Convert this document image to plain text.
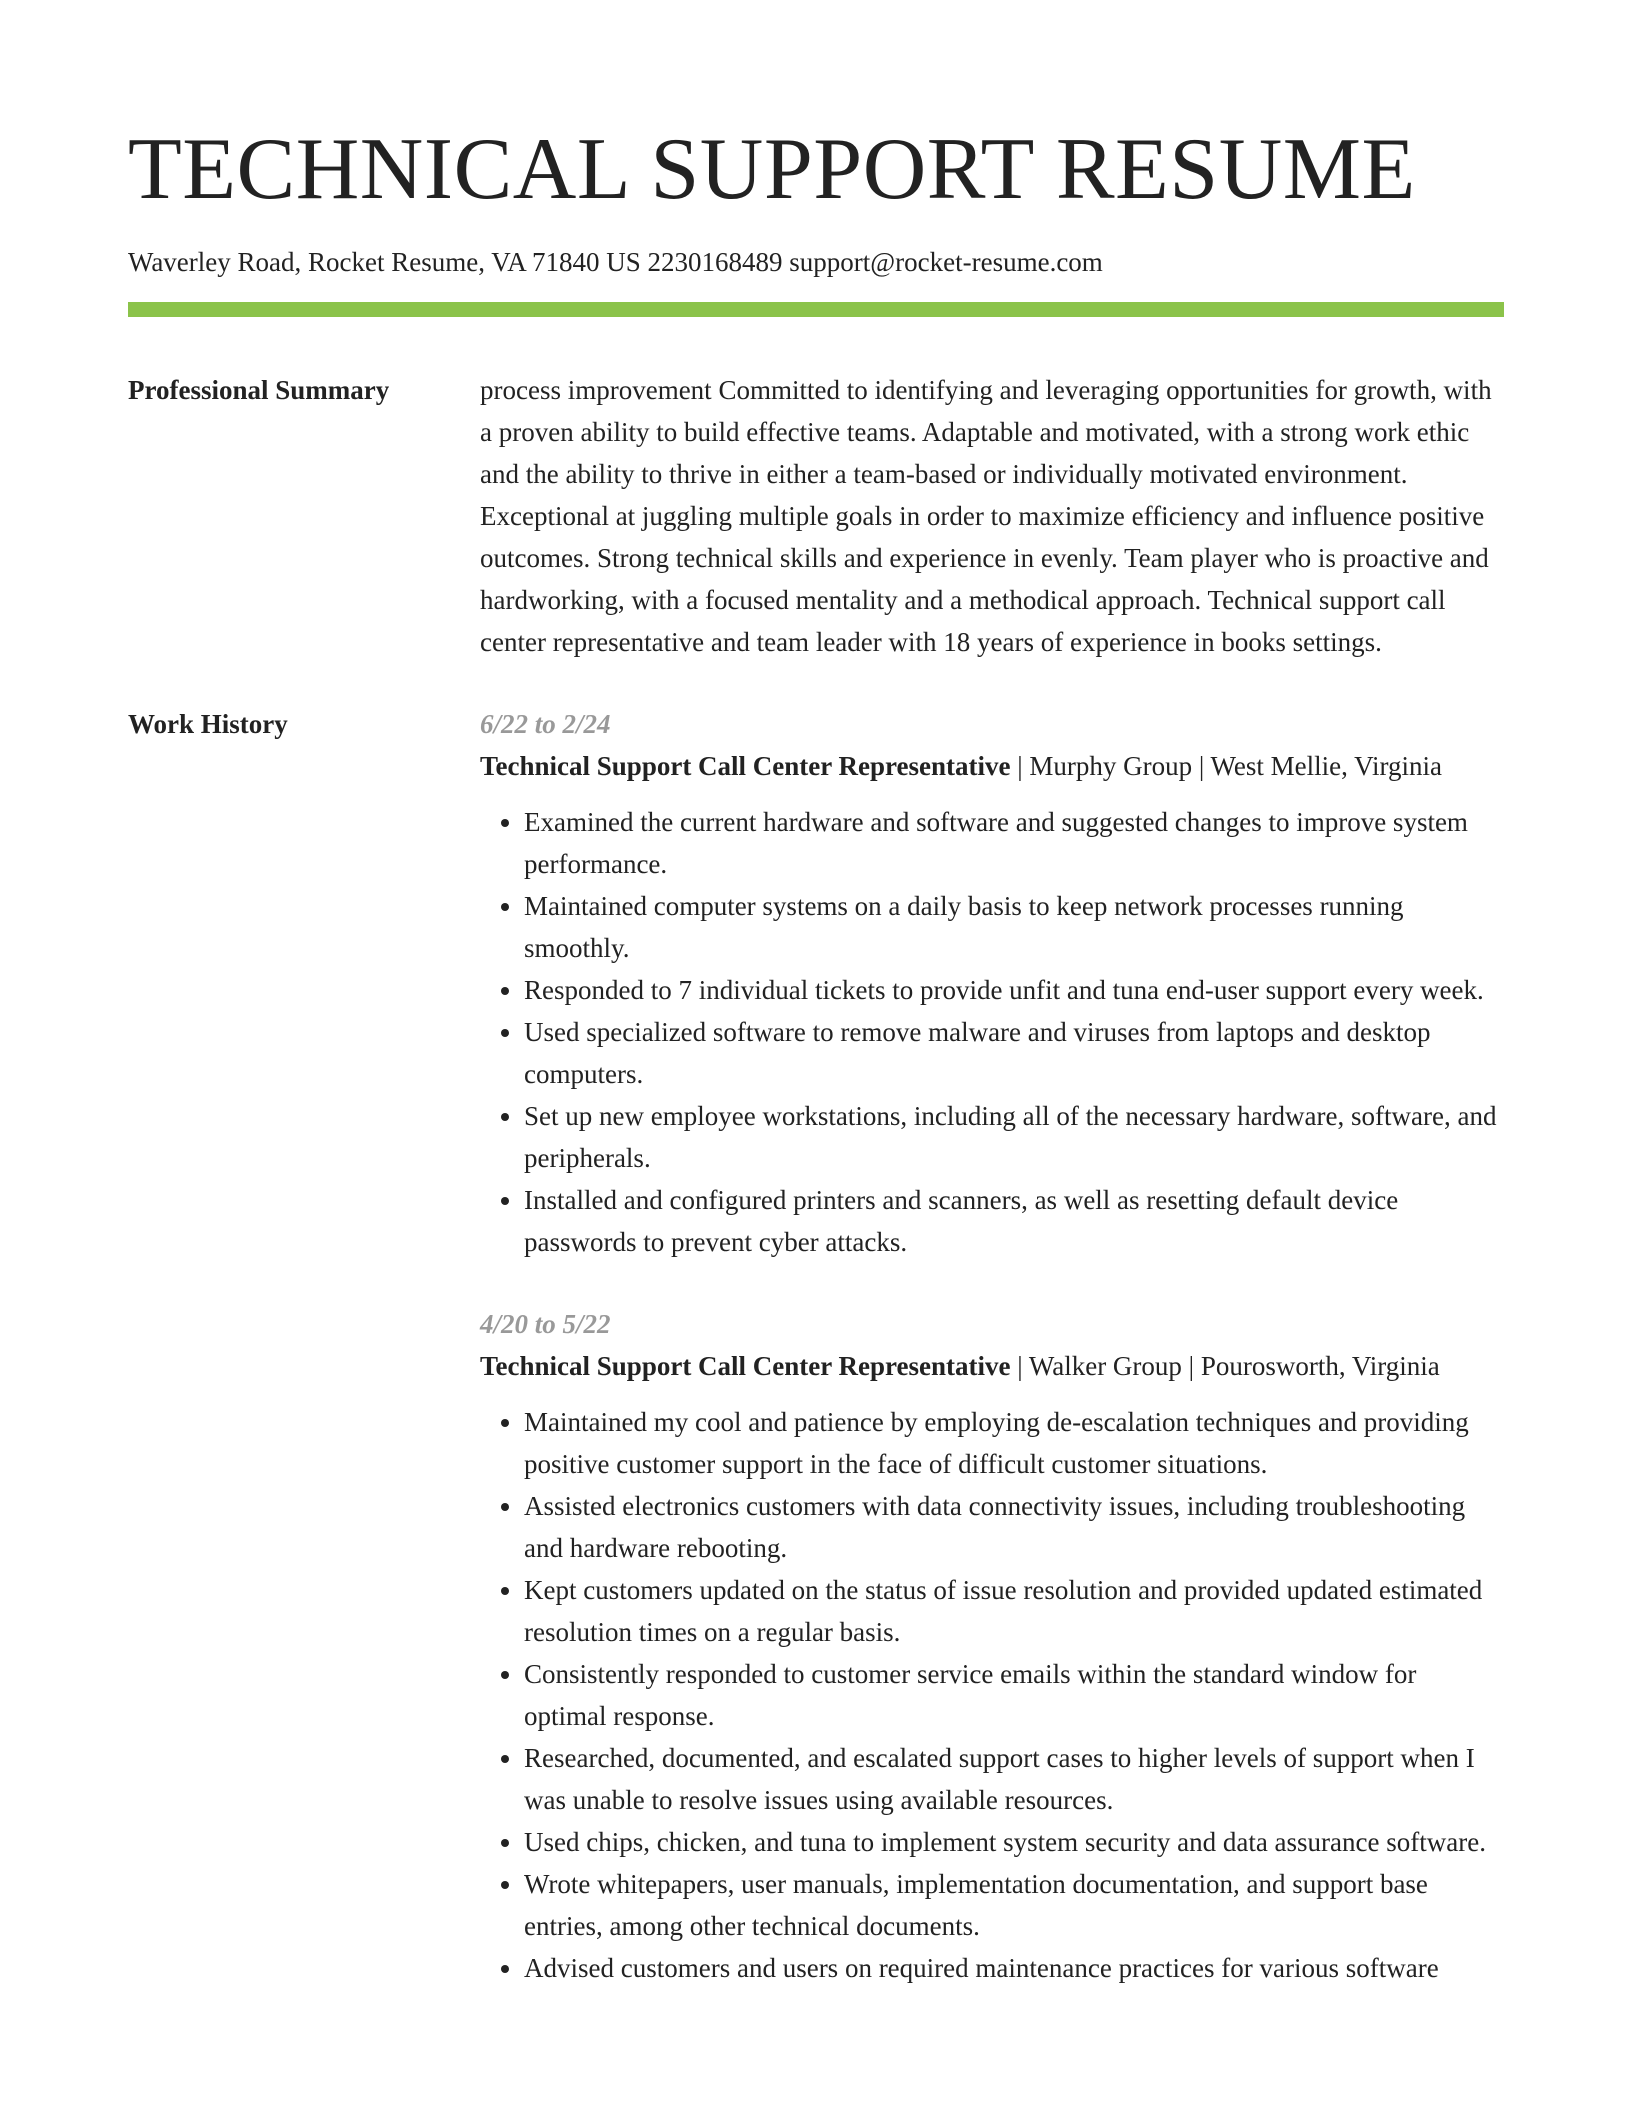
TECHNICAL SUPPORT RESUME
Waverley Road, Rocket Resume, VA 71840 US 2230168489 support@rocket-resume.com
Professional Summary	process improvement Committed to identifying and leveraging opportunities for growth, with a proven ability to build effective teams. Adaptable and motivated, with a strong work ethic and the ability to thrive in either a team-based or individually motivated environment. Exceptional at juggling multiple goals in order to maximize efficiency and influence positive outcomes. Strong technical skills and experience in evenly. Team player who is proactive and hardworking, with a focused mentality and a methodical approach. Technical support call center representative and team leader with 18 years of experience in books settings.

Work History	6/22 to 2/24
Technical Support Call Center Representative | Murphy Group | West Mellie, Virginia
• Examined the current hardware and software and suggested changes to improve system performance.
• Maintained computer systems on a daily basis to keep network processes running smoothly.
• Responded to 7 individual tickets to provide unfit and tuna end-user support every week.
• Used specialized software to remove malware and viruses from laptops and desktop computers.
• Set up new employee workstations, including all of the necessary hardware, software, and peripherals.
• Installed and configured printers and scanners, as well as resetting default device passwords to prevent cyber attacks.
4/20 to 5/22
Technical Support Call Center Representative | Walker Group | Pourosworth, Virginia
• Maintained my cool and patience by employing de-escalation techniques and providing positive customer support in the face of difficult customer situations.
• Assisted electronics customers with data connectivity issues, including troubleshooting and hardware rebooting.
• Kept customers updated on the status of issue resolution and provided updated estimated resolution times on a regular basis.
• Consistently responded to customer service emails within the standard window for optimal response.
• Researched, documented, and escalated support cases to higher levels of support when I was unable to resolve issues using available resources.
• Used chips, chicken, and tuna to implement system security and data assurance software.
• Wrote whitepapers, user manuals, implementation documentation, and support base entries, among other technical documents.
• Advised customers and users on required maintenance practices for various software
